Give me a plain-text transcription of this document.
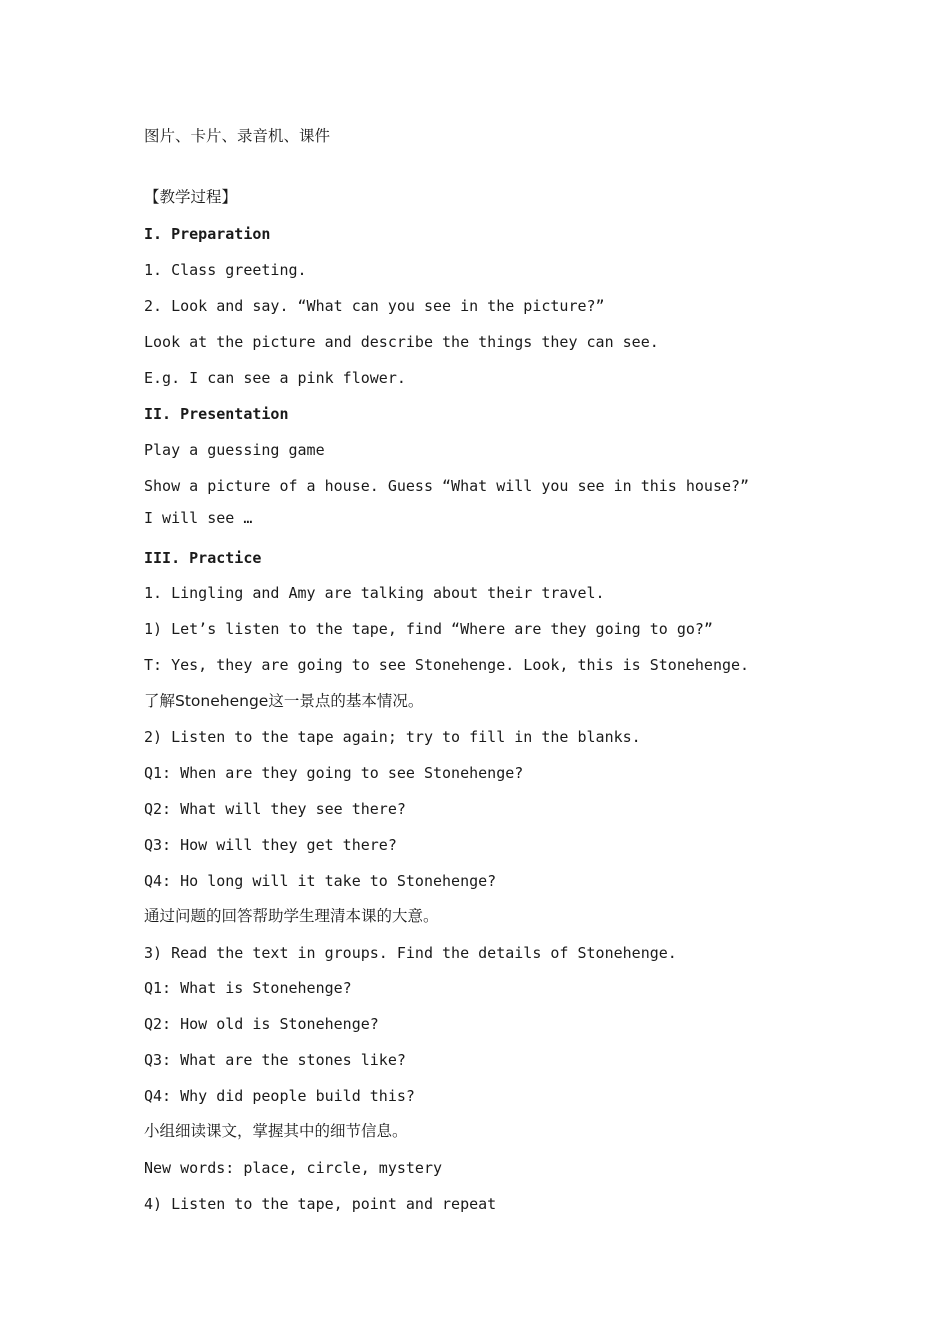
图片、卡片、录音机、课件
【教学过程】
I. Preparation
1. Class greeting.
2. Look and say. “What can you see in the picture?”
Look at the picture and describe the things they can see.
E.g. I can see a pink flower.
II. Presentation
Play a guessing game
Show a picture of a house. Guess “What will you see in this house?”
I will see …
III. Practice
1. Lingling and Amy are talking about their travel.
1) Let’s listen to the tape, find “Where are they going to go?”
T: Yes, they are going to see Stonehenge. Look, this is Stonehenge.
了解Stonehenge这一景点的基本情况。
2) Listen to the tape again; try to fill in the blanks.
Q1: When are they going to see Stonehenge?
Q2: What will they see there?
Q3: How will they get there?
Q4: Ho long will it take to Stonehenge?
通过问题的回答帮助学生理清本课的大意。
3) Read the text in groups. Find the details of Stonehenge.
Q1: What is Stonehenge?
Q2: How old is Stonehenge?
Q3: What are the stones like?
Q4: Why did people build this?
小组细读课文，掌握其中的细节信息。
New words: place, circle, mystery
4) Listen to the tape, point and repeat
